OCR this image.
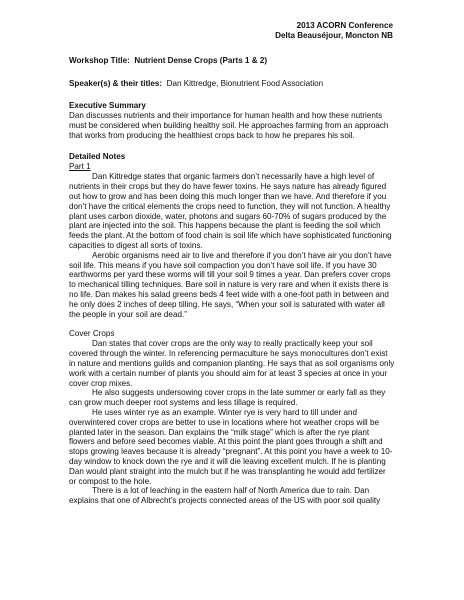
2013 ACORN Conference

Delta Beauséjour, Moncton NB

Workshop Title: Nutrient Dense Crops (Parts 1 & 2)

Speaker(s) & their titles: Dan Kittredge, Bionutrient Food Association

Executive Summary

Dan discusses nutrients and their importance for human health and how these nutrients must be considered when building healthy soil. He approaches farming from an approach that works from producing the healthiest crops back to how he prepares his soil.

Detailed Notes

Part 1

Dan Kittredge states that organic farmers don’t necessarily have a high level of nutrients in their crops but they do have fewer toxins. He says nature has already figured out how to grow and has been doing this much longer than we have. And therefore if you don’t have the critical elements the crops need to function, they will not function. A healthy plant uses carbon dioxide, water, photons and sugars 60-70% of sugars produced by the plant are injected into the soil. This happens because the plant is feeding the soil which feeds the plant. At the bottom of food chain is soil life which have sophisticated functioning capacities to digest all sorts of toxins.

Aerobic organisms need air to live and therefore if you don’t have air you don’t have soil life. This means if you have soil compaction you don’t have soil life. If you have 30 earthworms per yard these worms will till your soil 9 times a year. Dan prefers cover crops to mechanical tilling techniques. Bare soil in nature is very rare and when it exists there is no life. Dan makes his salad greens beds 4 feet wide with a one-foot path in between and he only does 2 inches of deep tilling. He says, “When your soil is saturated with water all the people in your soil are dead.”

Cover Crops

Dan states that cover crops are the only way to really practically keep your soil covered through the winter. In referencing permaculture he says monocultures don’t exist in nature and mentions guilds and companion planting. He says that as soil organisms only work with a certain number of plants you should aim for at least 3 species at once in your cover crop mixes.

He also suggests undersowing cover crops in the late summer or early fall as they can grow much deeper root systems and less tillage is required.

He uses winter rye as an example. Winter rye is very hard to till under and overwintered cover crops are better to use in locations where hot weather crops will be planted later in the season. Dan explains the “milk stage” which is after the rye plant flowers and before seed becomes viable. At this point the plant goes through a shift and stops growing leaves because it is already “pregnant”. At this point you have a week to 10-day window to knock down the rye and it will die leaving excellent mulch. If he is planting Dan would plant straight into the mulch but if he was transplanting he would add fertilizer or compost to the hole.

There is a lot of leaching in the eastern half of North America due to rain. Dan explains that one of Albrecht’s projects connected areas of the US with poor soil quality
